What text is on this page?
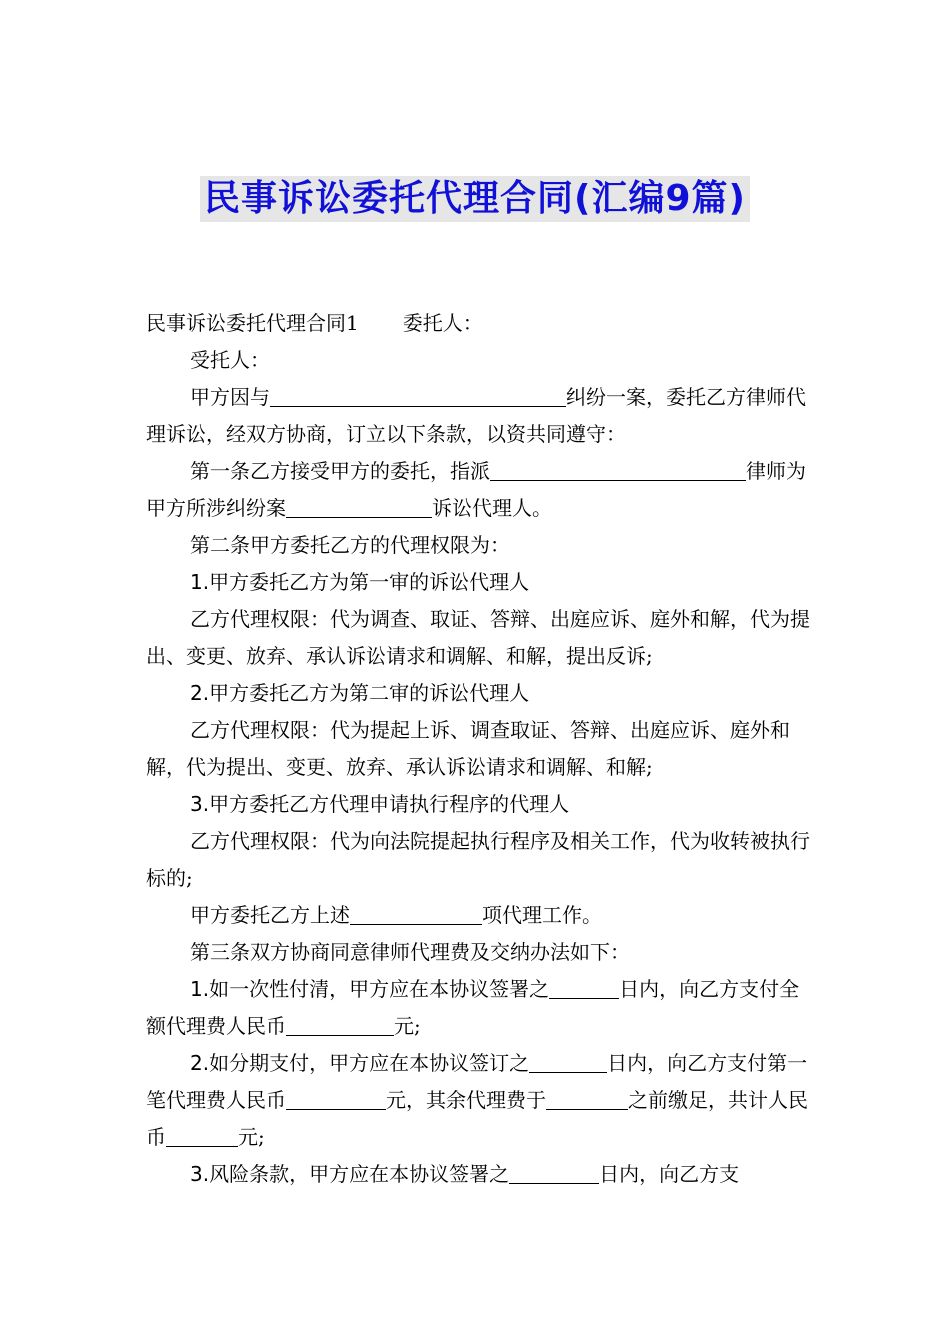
民事诉讼委托代理合同(汇编9篇)

民事诉讼委托代理合同1 委托人：

受托人：

甲方因与	纠纷一案，委托乙方律师代理诉讼，经双方协商，订立以下条款，以资共同遵守：

第一条乙方接受甲方的委托，指派	律师为甲方所涉纠纷案	诉讼代理人。

第二条甲方委托乙方的代理权限为：

1.甲方委托乙方为第一审的诉讼代理人

乙方代理权限：代为调查、取证、答辩、出庭应诉、庭外和解，代为提出、变更、放弃、承认诉讼请求和调解、和解，提出反诉;

2.甲方委托乙方为第二审的诉讼代理人

乙方代理权限：代为提起上诉、调查取证、答辩、出庭应诉、庭外和解，代为提出、变更、放弃、承认诉讼请求和调解、和解;

3.甲方委托乙方代理申请执行程序的代理人

乙方代理权限：代为向法院提起执行程序及相关工作，代为收转被执行标的;

甲方委托乙方上述	项代理工作。

第三条双方协商同意律师代理费及交纳办法如下：

1.如一次性付清，甲方应在本协议签署之	日内，向乙方支付全额代理费人民币	元;

2.如分期支付，甲方应在本协议签订之	日内，向乙方支付第一笔代理费人民币	元，其余代理费于	之前缴足，共计人民币	元;

3.风险条款，甲方应在本协议签署之	日内，向乙方支
